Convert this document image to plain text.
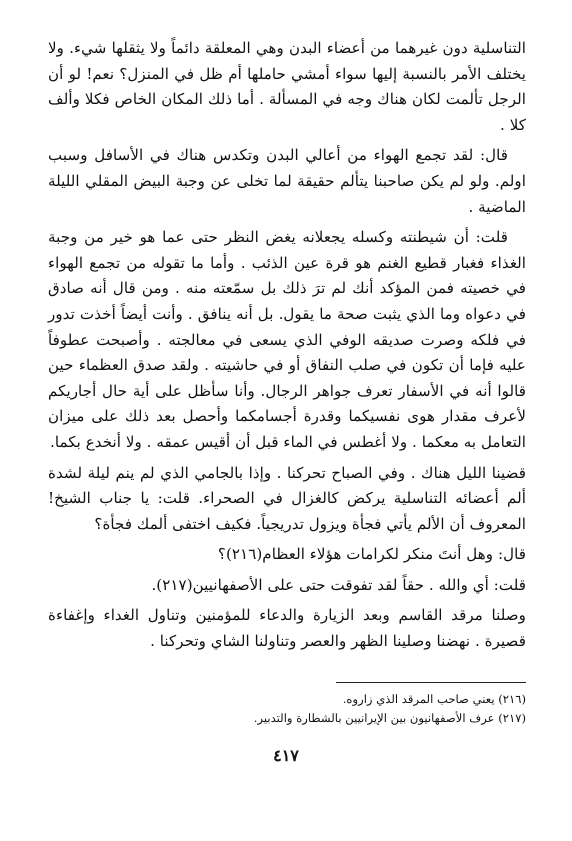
التناسلية دون غيرهما من أعضاء البدن وهي المعلقة دائماً ولا يثقلها شيء. ولا يختلف الأمر بالنسبة إليها سواء أمشي حاملها أم ظل في المنزل؟ نعم! لو أن الرجل تألمت لكان هناك وجه في المسألة . أما ذلك المكان الخاص فكلا وألف كلا .

قال: لقد تجمع الهواء من أعالي البدن وتكدس هناك في الأسافل وسبب اولم. ولو لم يكن صاحبنا يتألم حقيقة لما تخلى عن وجبة البيض المقلي الليلة الماضية .

قلت: أن شيطنته وكسله يجعلانه يغض النظر حتى عما هو خير من وجبة الغذاء فغبار قطيع الغنم هو قرة عين الذئب . وأما ما تقوله من تجمع الهواء في خصيته فمن المؤكد أنك لم ترَ ذلك بل سمّعته منه . ومن قال أنه صادق في دعواه وما الذي يثبت صحة ما يقول. بل أنه ينافق . وأنت أيضاً أخذت تدور في فلكه وصرت صديقه الوفي الذي يسعى في معالجته . وأصبحت عطوفاً عليه فإما أن تكون في صلب النفاق أو في حاشيته . ولقد صدق العظماء حين قالوا أنه في الأسفار تعرف جواهر الرجال. وأنا سأظل على أية حال أجاريكم لأعرف مقدار هوى نفسيكما وقدرة أجسامكما وأحصل بعد ذلك على ميزان التعامل به معكما . ولا أغطس في الماء قبل أن أقيس عمقه . ولا أنخدع بكما.

قضينا الليل هناك . وفي الصباح تحركنا . وإذا بالجامي الذي لم ينم ليلة لشدة ألم أعضائه التناسلية يركض كالغزال في الصحراء. قلت: يا جناب الشيخ! المعروف أن الألم يأتي فجأة ويزول تدريجياً. فكيف اختفى ألمك فجأة؟

قال: وهل أنتَ منكر لكرامات هؤلاء العظام(٢١٦)؟

قلت: أي والله . حقاً لقد تفوقت حتى على الأصفهانيين(٢١٧).

وصلنا مرقد القاسم وبعد الزيارة والدعاء للمؤمنين وتناول الغداء وإغفاءة قصيرة . نهضنا وصلينا الظهر والعصر وتناولنا الشاي وتحركنا .

(٢١٦) يعني صاحب المرقد الذي زاروه.

(٢١٧) عرف الأصفهانيون بين الإيرانيين بالشطارة والتدبير.

٤١٧
